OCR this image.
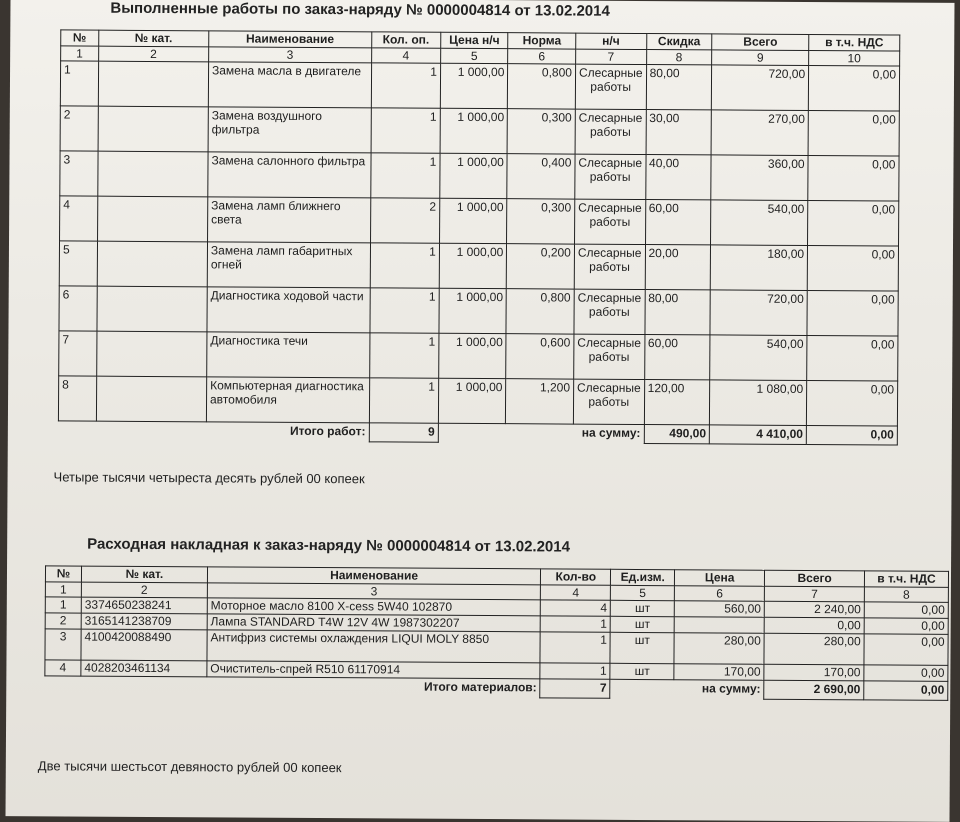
Выполненные работы по заказ-наряду № 0000004814 от 13.02.2014
№	№ кат.	Наименование	Кол. оп.	Цена н/ч	Норма	н/ч	Скидка	Всего	в т.ч. НДС
1	2	3	4	5	6	7	8	9	10
1		Замена масла в двигателе	1	1 000,00	0,800	Слесарные работы	80,00	720,00	0,00
2		Замена воздушного фильтра	1	1 000,00	0,300	Слесарные работы	30,00	270,00	0,00
3		Замена салонного фильтра	1	1 000,00	0,400	Слесарные работы	40,00	360,00	0,00
4		Замена ламп ближнего света	2	1 000,00	0,300	Слесарные работы	60,00	540,00	0,00
5		Замена ламп габаритных огней	1	1 000,00	0,200	Слесарные работы	20,00	180,00	0,00
6		Диагностика ходовой части	1	1 000,00	0,800	Слесарные работы	80,00	720,00	0,00
7		Диагностика течи	1	1 000,00	0,600	Слесарные работы	60,00	540,00	0,00
8		Компьютерная диагностика автомобиля	1	1 000,00	1,200	Слесарные работы	120,00	1 080,00	0,00
Итого работ:			9	на сумму:			490,00	4 410,00	0,00
Четыре тысячи четыреста десять рублей 00 копеек
Расходная накладная к заказ-наряду № 0000004814 от 13.02.2014
№	№ кат.	Наименование	Кол-во	Ед.изм.	Цена	Всего	в т.ч. НДС
1	2	3	4	5	6	7	8
1	3374650238241	Моторное масло 8100 X-cess 5W40 102870	4	шт	560,00	2 240,00	0,00
2	3165141238709	Лампа STANDARD T4W 12V 4W 1987302207	1	шт		0,00	0,00
3	4100420088490	Антифриз системы охлаждения LIQUI MOLY 8850	1	шт	280,00	280,00	0,00
4	4028203461134	Очиститель-спрей R510 61170914	1	шт	170,00	170,00	0,00
Итого материалов:			7	на сумму:		2 690,00	0,00
Две тысячи шестьсот девяносто рублей 00 копеек
